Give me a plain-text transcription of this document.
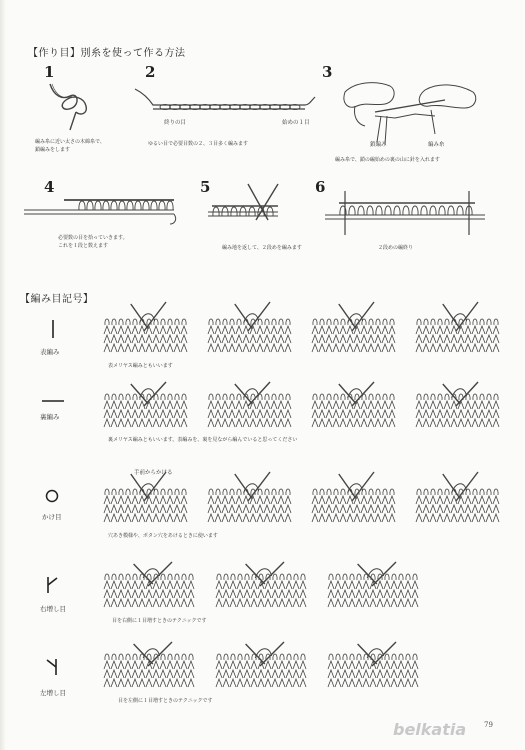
【作り目】別糸を使って作る方法
1
編み糸に近い太さの木綿糸で、
鎖編みをします
2
終りの目	始めの１目
ゆるい目で必要目数の２、３目多く編みます
3
鎖編み	編み糸
編み糸で、鎖の編始めの裏の山に針を入れます
4
必要数の目を拾っていきます。
これを１段と数えます
5
編み地を返して、２段めを編みます
6
２段めの編終り
【編み目記号】
表編み
表メリヤス編みともいいます
裏編み
裏メリヤス編みともいいます。表編みを、裏を見ながら編んでいると思ってください
かけ目
手前からかける
穴あき模様や、ボタン穴をあけるときに使います
右増し目
目を右側に１目増すときのテクニックです
左増し目
目を左側に１目増すときのテクニックです
belkatia	79
